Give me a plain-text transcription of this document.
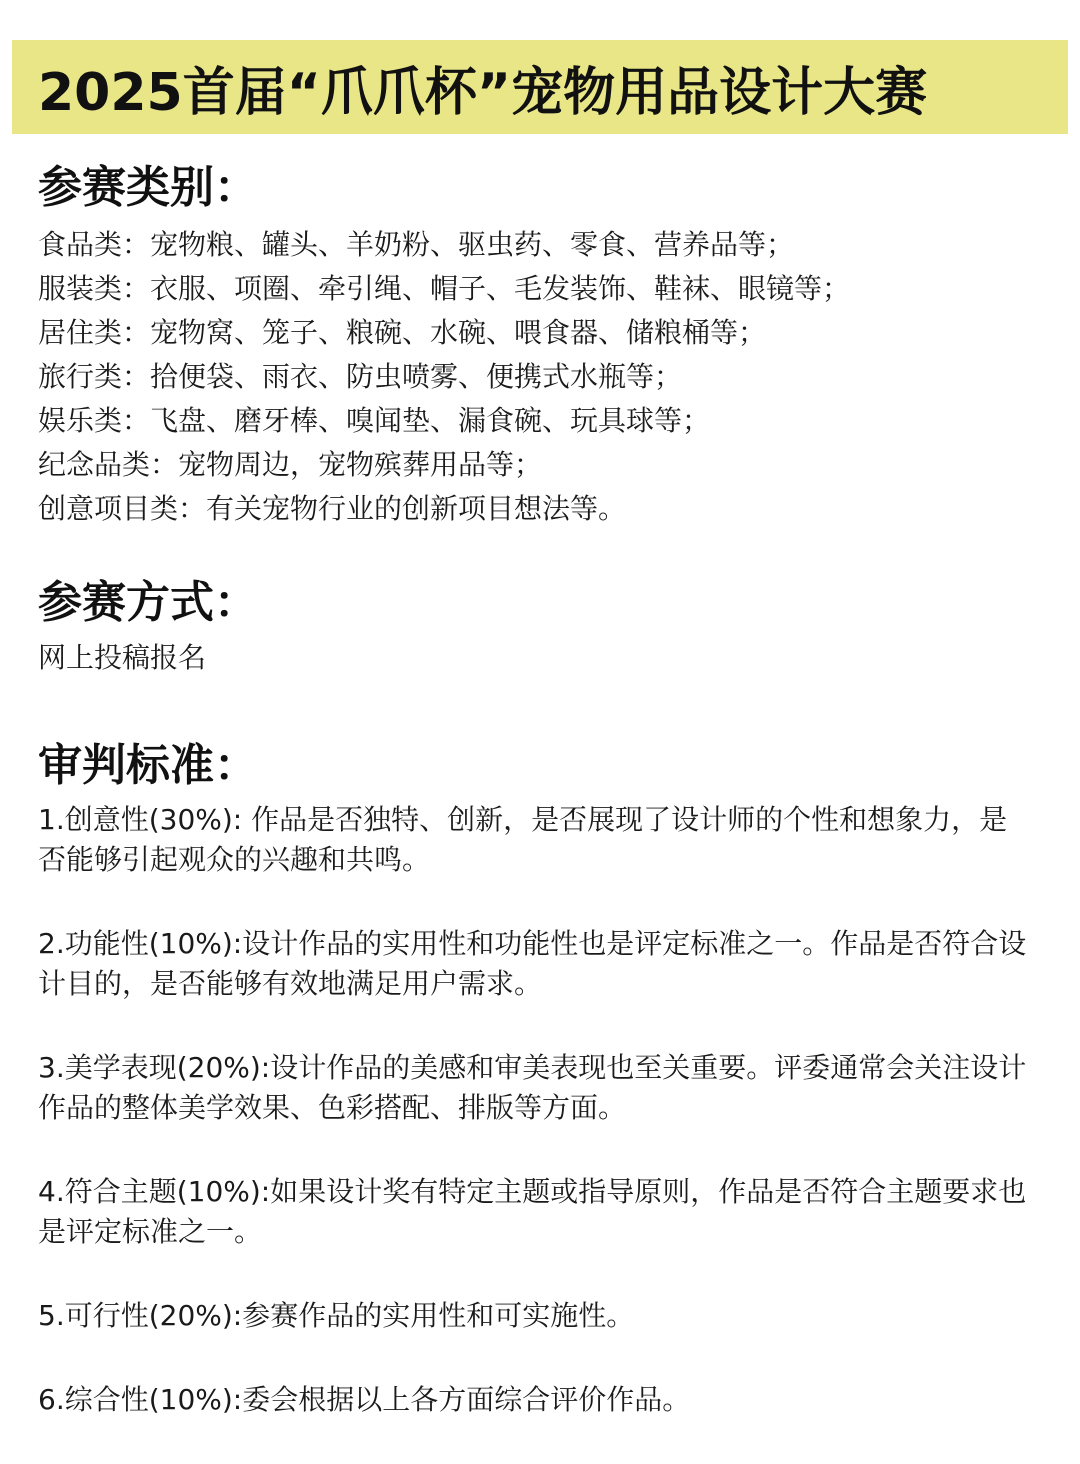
2025首届“爪爪杯”宠物用品设计大赛
参赛类别：

食品类：宠物粮、罐头、羊奶粉、驱虫药、零食、营养品等；

服装类：衣服、项圈、牵引绳、帽子、毛发装饰、鞋袜、眼镜等；

居住类：宠物窝、笼子、粮碗、水碗、喂食器、储粮桶等；

旅行类：拾便袋、雨衣、防虫喷雾、便携式水瓶等；

娱乐类：飞盘、磨牙棒、嗅闻垫、漏食碗、玩具球等；

纪念品类：宠物周边，宠物殡葬用品等；

创意项目类：有关宠物行业的创新项目想法等。

参赛方式：

网上投稿报名

审判标准：

1.创意性(30%): 作品是否独特、创新，是否展现了设计师的个性和想象力，是

否能够引起观众的兴趣和共鸣。

2.功能性(10%):设计作品的实用性和功能性也是评定标准之一。作品是否符合设

计目的，是否能够有效地满足用户需求。

3.美学表现(20%):设计作品的美感和审美表现也至关重要。评委通常会关注设计

作品的整体美学效果、色彩搭配、排版等方面。

4.符合主题(10%):如果设计奖有特定主题或指导原则，作品是否符合主题要求也

是评定标准之一。

5.可行性(20%):参赛作品的实用性和可实施性。

6.综合性(10%):委会根据以上各方面综合评价作品。
